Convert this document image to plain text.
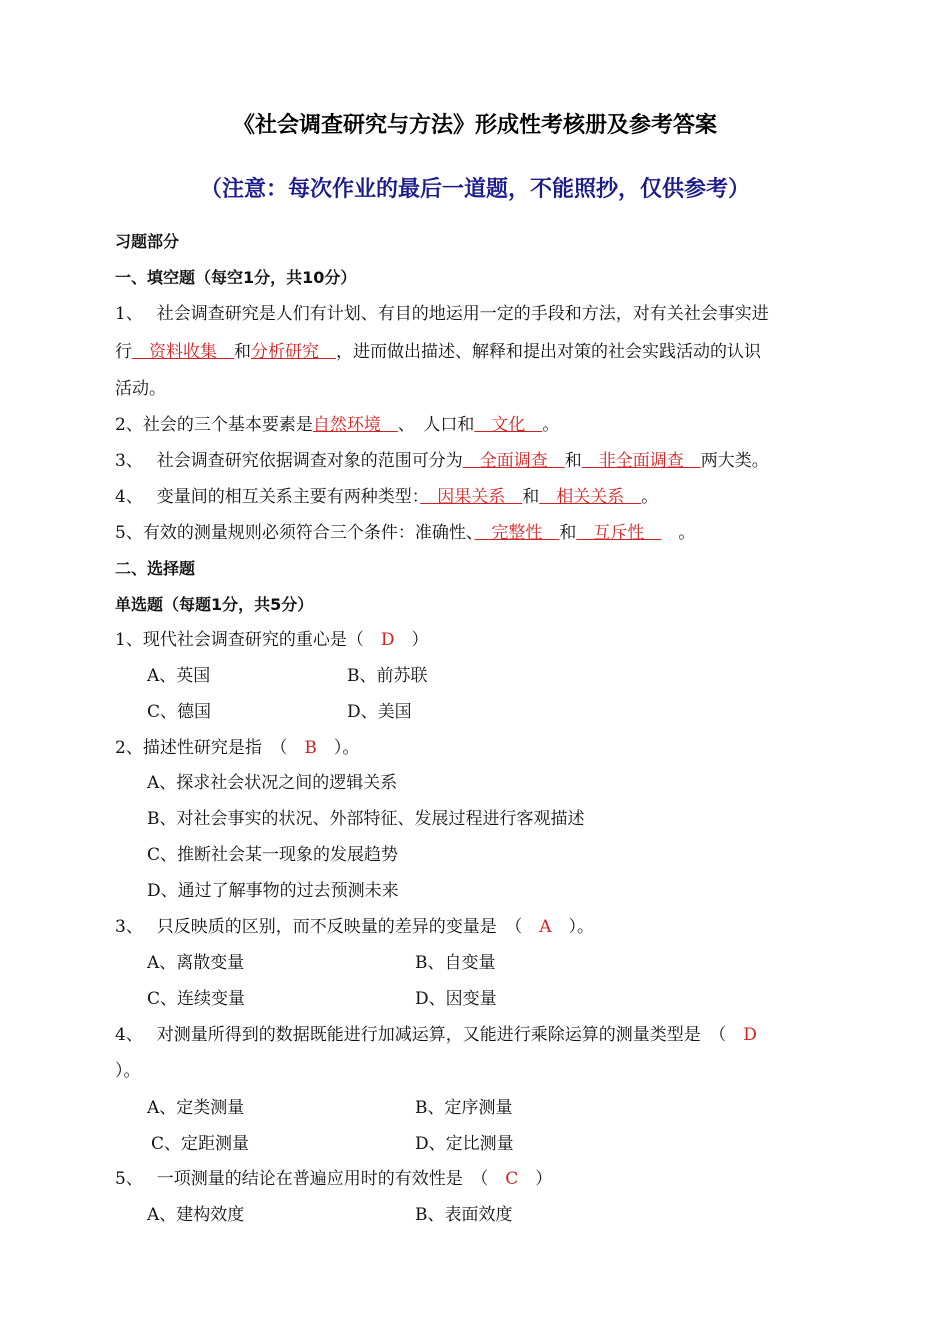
《社会调查研究与方法》形成性考核册及参考答案
（注意：每次作业的最后一道题，不能照抄，仅供参考）
习题部分
一、填空题（每空1分，共10分）
1、　 社会调查研究是人们有计划、有目的地运用一定的手段和方法，对有关社会事实进
行　资料收集　和分析研究　，进而做出描述、解释和提出对策的社会实践活动的认识
活动。
2、社会的三个基本要素是自然环境　、　人口和　文化　。
3、　 社会调查研究依据调查对象的范围可分为　全面调查　和　非全面调查　两大类。
4、　 变量间的相互关系主要有两种类型：　因果关系　和　相关关系　。
5、有效的测量规则必须符合三个条件：准确性、　完整性　和　互斥性　　。
二、选择题
单选题（每题1分，共5分）
1、现代社会调查研究的重心是（　D　）
A、英国	B、前苏联
C、德国	D、美国
2、描述性研究是指　（　B　）。
A、探求社会状况之间的逻辑关系
B、对社会事实的状况、外部特征、发展过程进行客观描述
C、推断社会某一现象的发展趋势
D、通过了解事物的过去预测未来
3、　 只反映质的区别，而不反映量的差异的变量是　（　A　）。
A、离散变量	B、自变量
C、连续变量	D、因变量
4、　 对测量所得到的数据既能进行加减运算，又能进行乘除运算的测量类型是　（　D
）。
A、定类测量	B、定序测量
C、定距测量	D、定比测量
5、　 一项测量的结论在普遍应用时的有效性是　（　C　）
A、建构效度	B、表面效度
